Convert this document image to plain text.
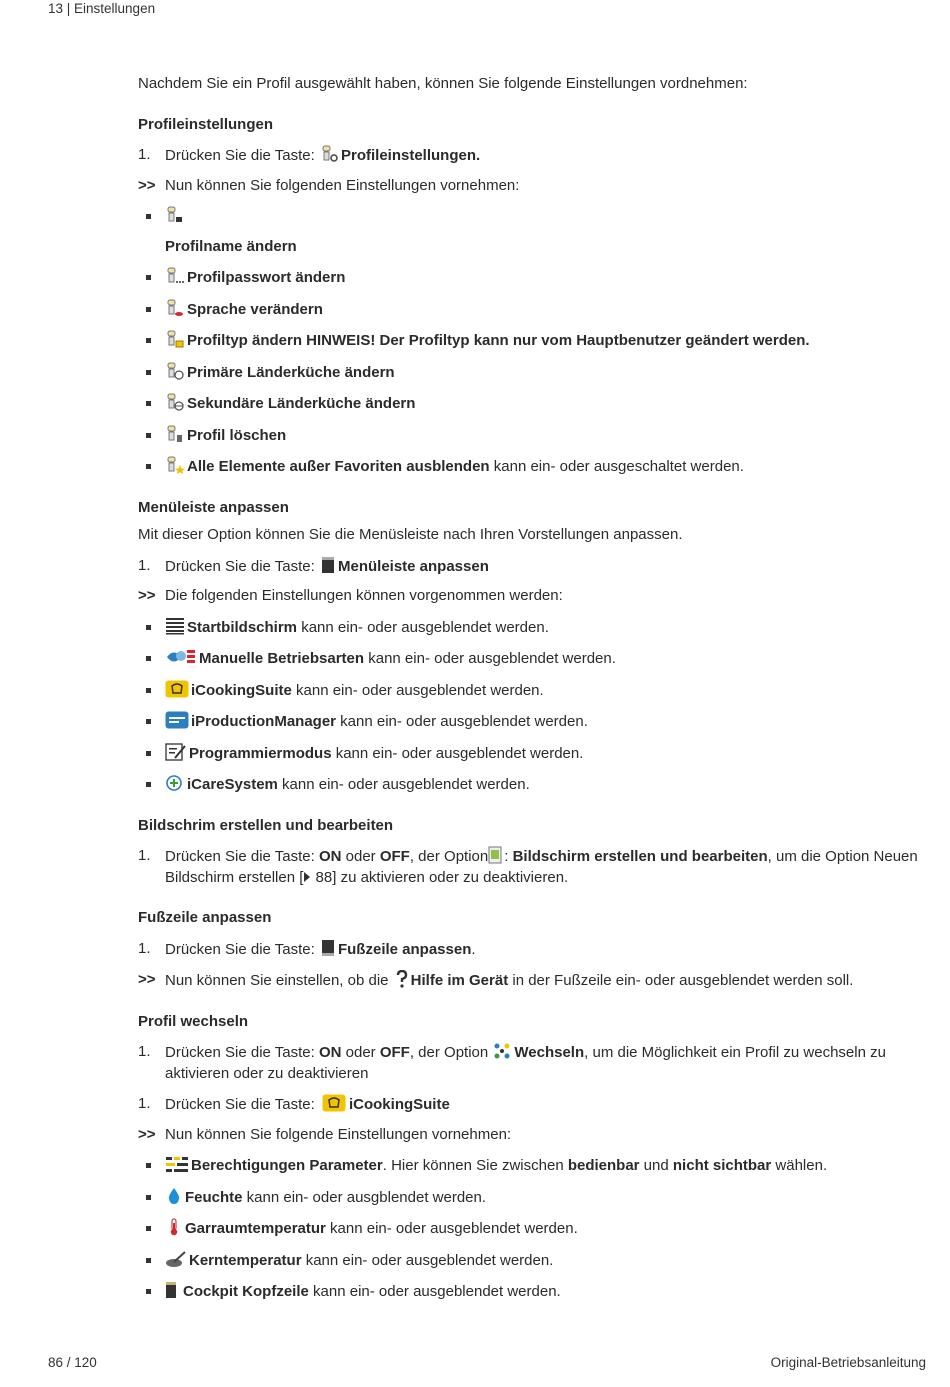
13 | Einstellungen

Nachdem Sie ein Profil ausgewählt haben, können Sie folgende Einstellungen vordnehmen:

Profileinstellungen

1. Drücken Sie die Taste: Profileinstellungen.

>> Nun können Sie folgenden Einstellungen vornehmen:

Profilname ändern

Profilpasswort ändern

Sprache verändern

Profiltyp ändern HINWEIS! Der Profiltyp kann nur vom Hauptbenutzer geändert werden.

Primäre Länderküche ändern

Sekundäre Länderküche ändern

Profil löschen

Alle Elemente außer Favoriten ausblenden kann ein- oder ausgeschaltet werden.

Menüleiste anpassen

Mit dieser Option können Sie die Menüsleiste nach Ihren Vorstellungen anpassen.

1. Drücken Sie die Taste: Menüleiste anpassen

>> Die folgenden Einstellungen können vorgenommen werden:

Startbildschirm kann ein- oder ausgeblendet werden.

Manuelle Betriebsarten kann ein- oder ausgeblendet werden.

iCookingSuite kann ein- oder ausgeblendet werden.

iProductionManager kann ein- oder ausgeblendet werden.

Programmiermodus kann ein- oder ausgeblendet werden.

iCareSystem kann ein- oder ausgeblendet werden.

Bildschrim erstellen und bearbeiten

1. Drücken Sie die Taste: ON oder OFF, der Option : Bildschirm erstellen und bearbeiten, um die Option Neuen Bildschirm erstellen [
88] zu aktivieren oder zu deaktivieren.

Fußzeile anpassen

1. Drücken Sie die Taste: Fußzeile anpassen.

>> Nun können Sie einstellen, ob die Hilfe im Gerät in der Fußzeile ein- oder ausgeblendet werden soll.

Profil wechseln

1. Drücken Sie die Taste: ON oder OFF, der Option
Wechseln, um die Möglichkeit ein Profil zu wechseln zu aktivieren oder zu deaktivieren

1. Drücken Sie die Taste: iCookingSuite

>> Nun können Sie folgende Einstellungen vornehmen:

Berechtigungen Parameter. Hier können Sie zwischen bedienbar und nicht sichtbar wählen.

Feuchte kann ein- oder ausgblendet werden.

Garraumtemperatur kann ein- oder ausgeblendet werden.

Kerntemperatur kann ein- oder ausgeblendet werden.

Cockpit Kopfzeile kann ein- oder ausgeblendet werden.

86 / 120	Original-Betriebsanleitung
